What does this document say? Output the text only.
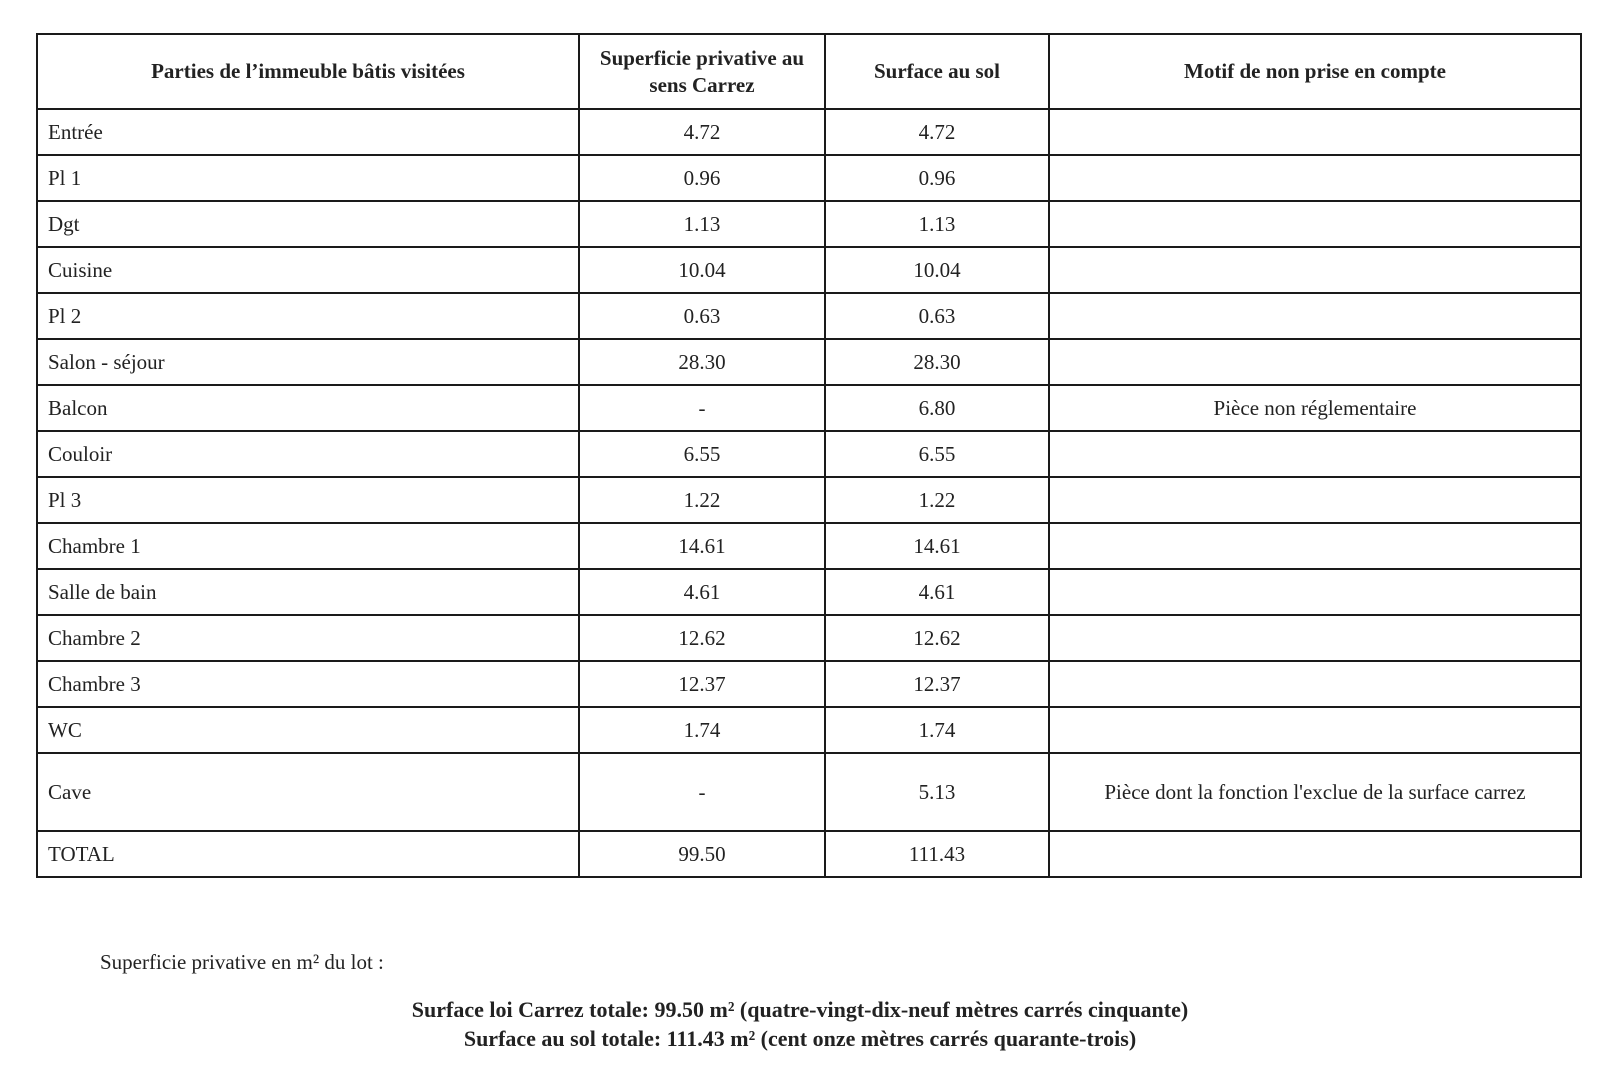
Parties de l’immeuble bâtis visitées	Superficie privative au sens Carrez	Surface au sol	Motif de non prise en compte
Entrée	4.72	4.72	
Pl 1	0.96	0.96	
Dgt	1.13	1.13	
Cuisine	10.04	10.04	
Pl 2	0.63	0.63	
Salon - séjour	28.30	28.30	
Balcon	-	6.80	Pièce non réglementaire
Couloir	6.55	6.55	
Pl 3	1.22	1.22	
Chambre 1	14.61	14.61	
Salle de bain	4.61	4.61	
Chambre 2	12.62	12.62	
Chambre 3	12.37	12.37	
WC	1.74	1.74	
Cave	-	5.13	Pièce dont la fonction l'exclue de la surface carrez
TOTAL	99.50	111.43	
Superficie privative en m² du lot :
Surface loi Carrez totale: 99.50 m² (quatre-vingt-dix-neuf mètres carrés cinquante)
Surface au sol totale: 111.43 m² (cent onze mètres carrés quarante-trois)
